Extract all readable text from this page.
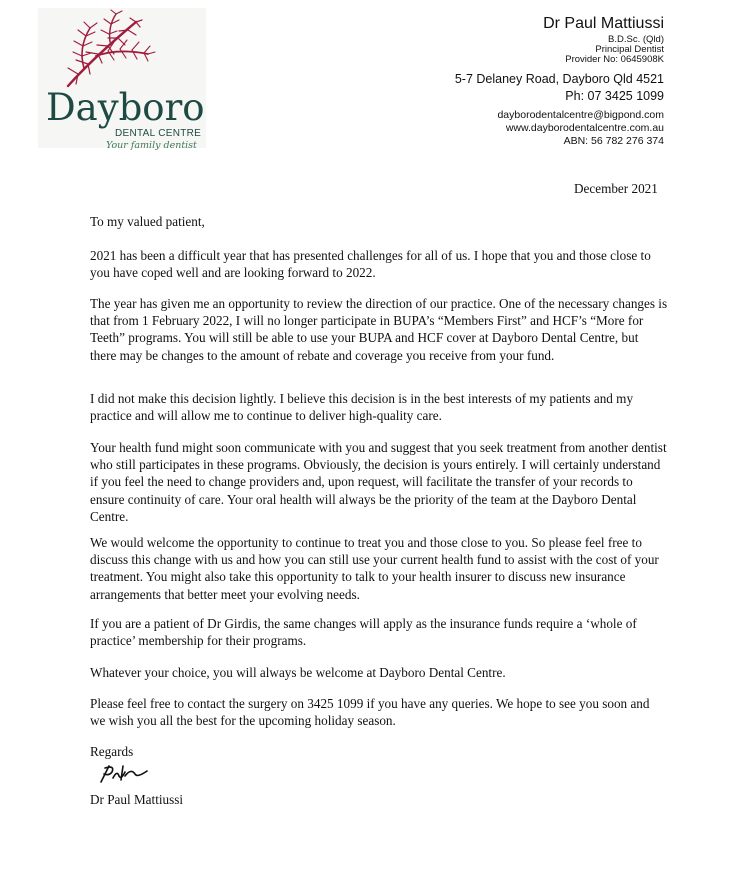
Dayboro
DENTAL CENTRE
Your family dentist
Dr Paul Mattiussi
B.D.Sc. (Qld)
Principal Dentist
Provider No: 0645908K
5-7 Delaney Road, Dayboro Qld 4521
Ph: 07 3425 1099
dayborodentalcentre@bigpond.com
www.dayborodentalcentre.com.au
ABN: 56 782 276 374
December 2021

To my valued patient,

2021 has been a difficult year that has presented challenges for all of us. I hope that you and those close to you have coped well and are looking forward to 2022.

The year has given me an opportunity to review the direction of our practice. One of the necessary changes is that from 1 February 2022, I will no longer participate in BUPA’s “Members First” and HCF’s “More for Teeth” programs. You will still be able to use your BUPA and HCF cover at Dayboro Dental Centre, but there may be changes to the amount of rebate and coverage you receive from your fund.

I did not make this decision lightly. I believe this decision is in the best interests of my patients and my practice and will allow me to continue to deliver high-quality care.

Your health fund might soon communicate with you and suggest that you seek treatment from another dentist who still participates in these programs. Obviously, the decision is yours entirely. I will certainly understand if you feel the need to change providers and, upon request, will facilitate the transfer of your records to ensure continuity of care. Your oral health will always be the priority of the team at the Dayboro Dental Centre.

We would welcome the opportunity to continue to treat you and those close to you. So please feel free to discuss this change with us and how you can still use your current health fund to assist with the cost of your treatment. You might also take this opportunity to talk to your health insurer to discuss new insurance arrangements that better meet your evolving needs.

If you are a patient of Dr Girdis, the same changes will apply as the insurance funds require a ‘whole of practice’ membership for their programs.

Whatever your choice, you will always be welcome at Dayboro Dental Centre.

Please feel free to contact the surgery on 3425 1099 if you have any queries. We hope to see you soon and we wish you all the best for the upcoming holiday season.

Regards

Dr Paul Mattiussi
